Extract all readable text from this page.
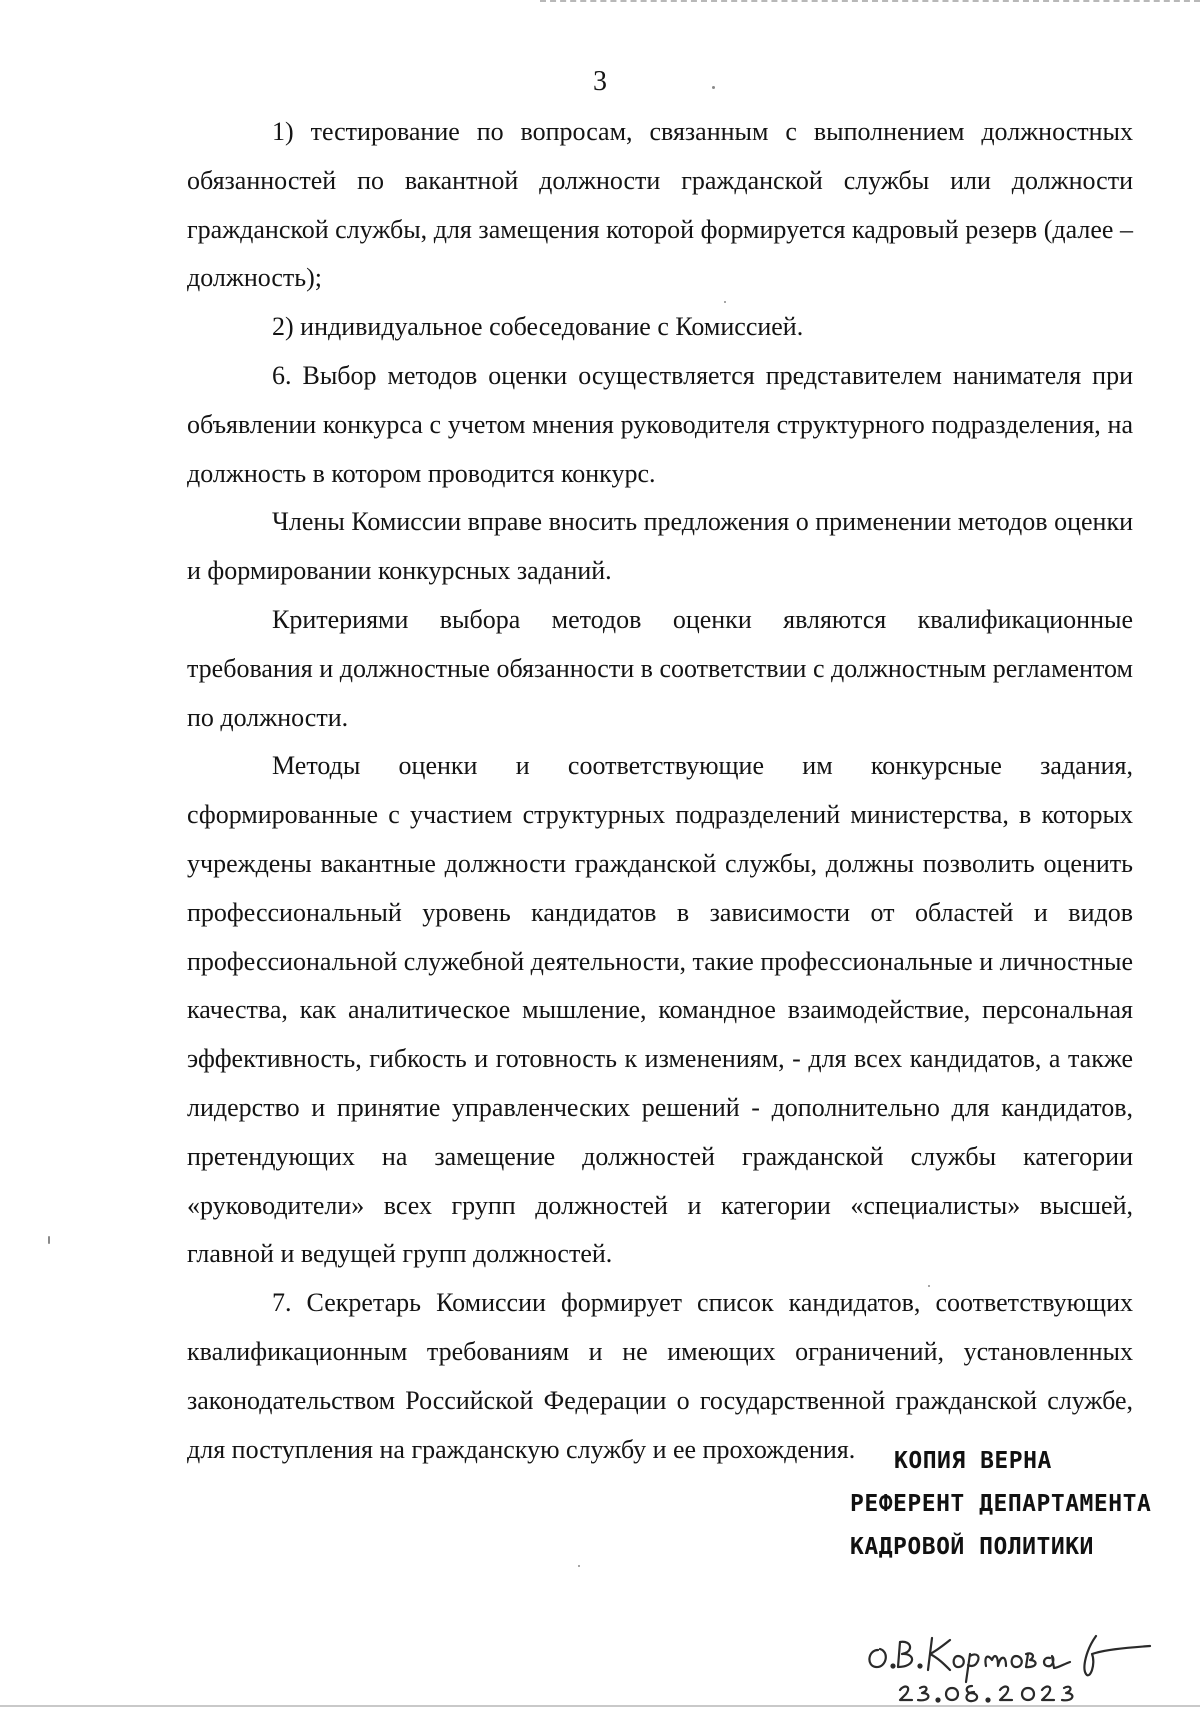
3

1) тестирование по вопросам, связанным с выполнением должностных обязанностей по вакантной должности гражданской службы или должности гражданской службы, для замещения которой формируется кадровый резерв (далее – должность);

2) индивидуальное собеседование с Комиссией.

6. Выбор методов оценки осуществляется представителем нанимателя при объявлении конкурса с учетом мнения руководителя структурного подразделения, на должность в котором проводится конкурс.

Члены Комиссии вправе вносить предложения о применении методов оценки и формировании конкурсных заданий.

Критериями выбора методов оценки являются квалификационные требования и должностные обязанности в соответствии с должностным регламентом по должности.

Методы оценки и соответствующие им конкурсные задания, сформированные с участием структурных подразделений министерства, в которых учреждены вакантные должности гражданской службы, должны позволить оценить профессиональный уровень кандидатов в зависимости от областей и видов профессиональной служебной деятельности, такие профессиональные и личностные качества, как аналитическое мышление, командное взаимодействие, персональная эффективность, гибкость и готовность к изменениям, - для всех кандидатов, а также лидерство и принятие управленческих решений - дополнительно для кандидатов, претендующих на замещение должностей гражданской службы категории «руководители» всех групп должностей и категории «специалисты» высшей, главной и ведущей групп должностей.

7. Секретарь Комиссии формирует список кандидатов, соответствующих квалификационным требованиям и не имеющих ограничений, установленных законодательством Российской Федерации о государственной гражданской службе, для поступления на гражданскую службу и ее прохождения.	КОПИЯ ВЕРНА
РЕФЕРЕНТ ДЕПАРТАМЕНТА
КАДРОВОЙ ПОЛИТИКИ
